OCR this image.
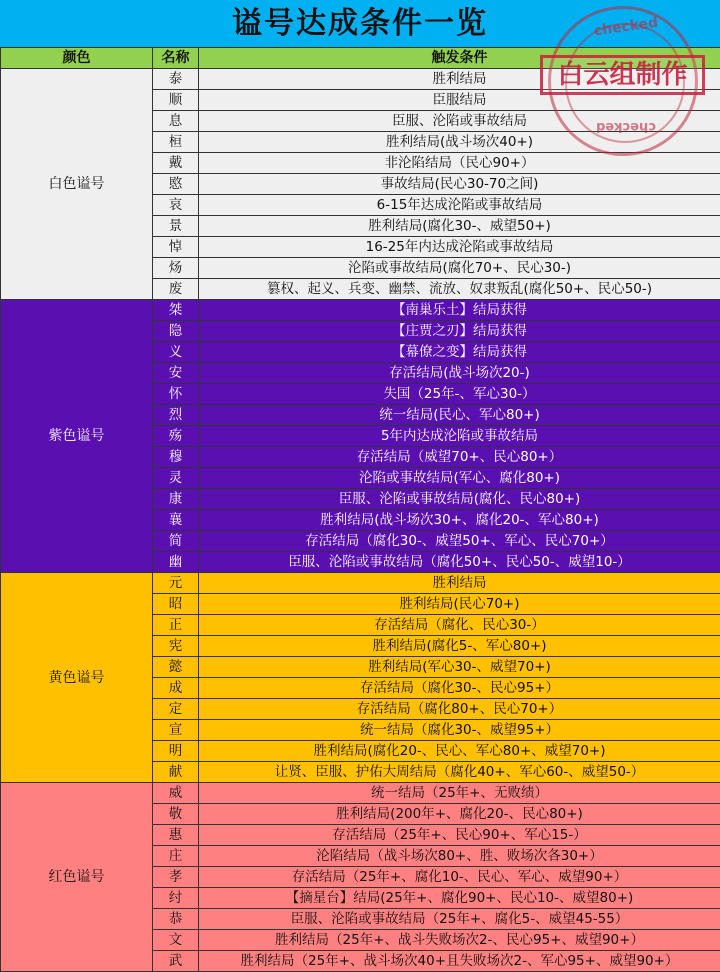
谥号达成条件一览
颜色	名称	触发条件
白色谥号	泰	胜利结局
	顺	臣服结局
	息	臣服、沦陷或事故结局
	桓	胜利结局(战斗场次40+)
	戴	非沦陷结局（民心90+）
	愍	事故结局(民心30-70之间)
	哀	6-15年达成沦陷或事故结局
	景	胜利结局(腐化30-、威望50+)
	悼	16-25年内达成沦陷或事故结局
	炀	沦陷或事故结局(腐化70+、民心30-)
	废	篡权、起义、兵变、幽禁、流放、奴隶叛乱(腐化50+、民心50-)
紫色谥号	桀	【南巢乐土】结局获得
	隐	【庄贾之刃】结局获得
	义	【幕僚之变】结局获得
	安	存活结局(战斗场次20-)
	怀	失国（25年-、军心30-）
	烈	统一结局(民心、军心80+)
	殇	5年内达成沦陷或事故结局
	穆	存活结局（威望70+、民心80+）
	灵	沦陷或事故结局(军心、腐化80+)
	康	臣服、沦陷或事故结局(腐化、民心80+)
	襄	胜利结局(战斗场次30+、腐化20-、军心80+)
	简	存活结局（腐化30-、威望50+、军心、民心70+）
	幽	臣服、沦陷或事故结局（腐化50+、民心50-、威望10-）
黄色谥号	元	胜利结局
	昭	胜利结局(民心70+)
	正	存活结局（腐化、民心30-）
	宪	胜利结局(腐化5-、军心80+)
	懿	胜利结局(军心30-、威望70+)
	成	存活结局（腐化30-、民心95+）
	定	存活结局（腐化80+、民心70+）
	宣	统一结局（腐化30-、威望95+）
	明	胜利结局(腐化20-、民心、军心80+、威望70+)
	献	让贤、臣服、护佑大周结局（腐化40+、军心60-、威望50-）
红色谥号	威	统一结局（25年+、无败绩）
	敬	胜利结局(200年+、腐化20-、民心80+)
	惠	存活结局（25年+、民心90+、军心15-）
	庄	沦陷结局（战斗场次80+、胜、败场次各30+）
	孝	存活结局（25年+、腐化10-、民心、军心、威望90+）
	纣	【摘星台】结局(25年+、腐化90+、民心10-、威望80+)
	恭	臣服、沦陷或事故结局（25年+、腐化5-、威望45-55）
	文	胜利结局（25年+、战斗失败场次2-、民心95+、威望90+）
	武	胜利结局（25年+、战斗场次40+且失败场次2-、军心95+、威望90+）
checked
checked
白云组制作
